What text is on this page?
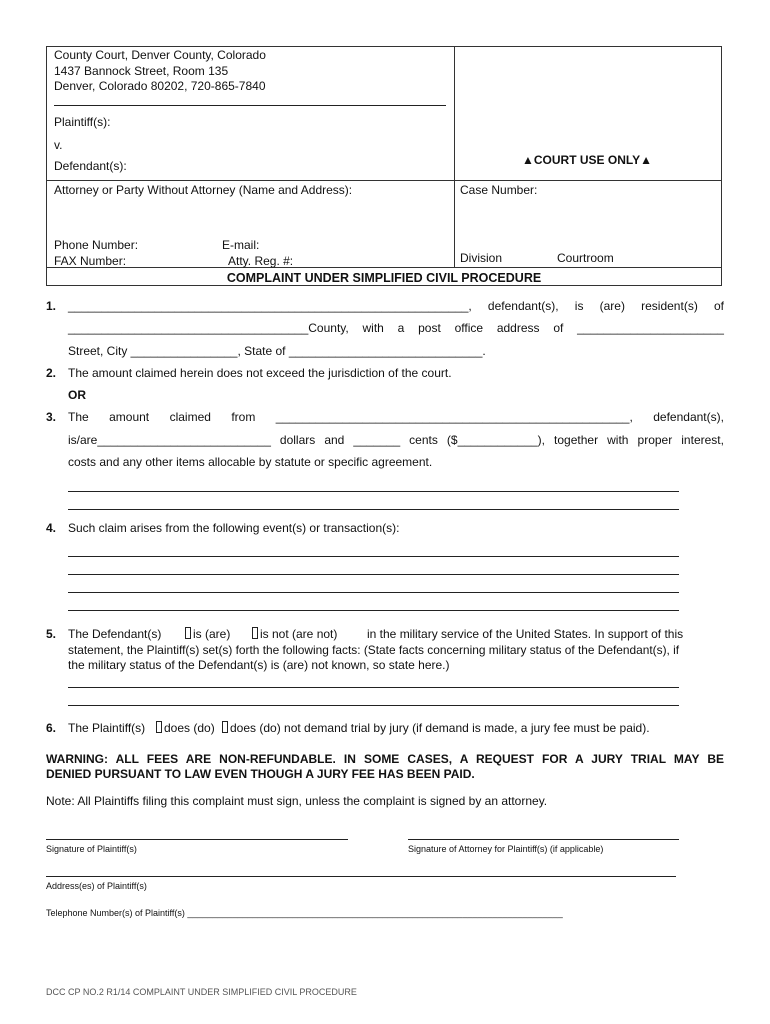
County Court, Denver County, Colorado
1437 Bannock Street, Room 135
Denver, Colorado 80202, 720-865-7840
Plaintiff(s):
v.
Defendant(s):	▲COURT USE ONLY▲
Attorney or Party Without Attorney (Name and Address):	Case Number:
Phone Number:	E-mail:
FAX Number:	Atty. Reg. #:	Division	Courtroom
COMPLAINT UNDER SIMPLIFIED CIVIL PROCEDURE
1. ____________________________________________________________, defendant(s), is (are) resident(s) of
____________________________________County, with a post office address of ______________________
Street, City ________________, State of _____________________________.
2. The amount claimed herein does not exceed the jurisdiction of the court.
OR
3. The amount claimed from _____________________________________________________, defendant(s),
is/are__________________________ dollars and _______ cents ($____________), together with proper interest,
costs and any other items allocable by statute or specific agreement.
4. Such claim arises from the following event(s) or transaction(s):
5. The Defendant(s)	is (are) is not (are not) in the military service of the United States. In support of this
statement, the Plaintiff(s) set(s) forth the following facts: (State facts concerning military status of the Defendant(s), if
the military status of the Defendant(s) is (are) not known, so state here.)
6. The Plaintiff(s) does (do) does (do) not demand trial by jury (if demand is made, a jury fee must be paid).
WARNING: ALL FEES ARE NON-REFUNDABLE. IN SOME CASES, A REQUEST FOR A JURY TRIAL MAY BE
DENIED PURSUANT TO LAW EVEN THOUGH A JURY FEE HAS BEEN PAID.
Note: All Plaintiffs filing this complaint must sign, unless the complaint is signed by an attorney.
Signature of Plaintiff(s)	Signature of Attorney for Plaintiff(s) (if applicable)
Address(es) of Plaintiff(s)
Telephone Number(s) of Plaintiff(s) ___________________________________________________________________________
DCC CP NO.2 R1/14 COMPLAINT UNDER SIMPLIFIED CIVIL PROCEDURE
